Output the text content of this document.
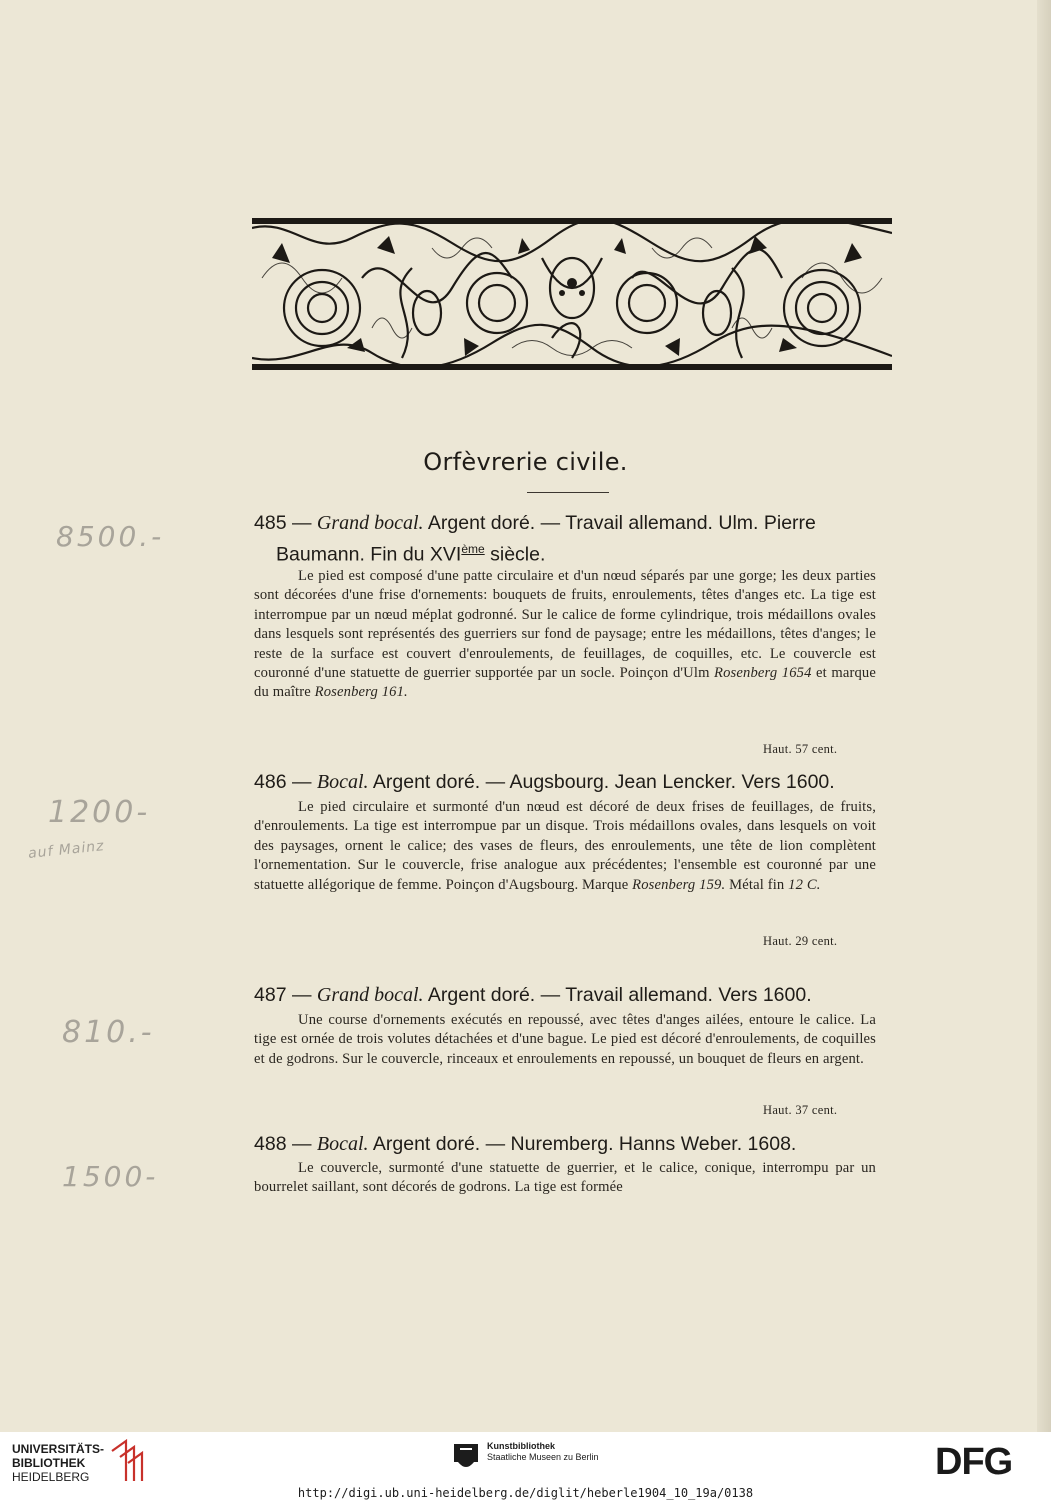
Orfèvrerie civile.
485 — Grand bocal. Argent doré. — Travail allemand. Ulm. Pierre
Baumann. Fin du XVIème siècle.
Le pied est composé d'une patte circulaire et d'un nœud séparés par une gorge; les deux parties sont décorées d'une frise d'ornements: bouquets de fruits, enroulements, têtes d'anges etc. La tige est interrompue par un nœud méplat godronné. Sur le calice de forme cylindrique, trois médaillons ovales dans lesquels sont représentés des guerriers sur fond de paysage; entre les médaillons, têtes d'anges; le reste de la surface est couvert d'enroulements, de feuillages, de coquilles, etc. Le couvercle est couronné d'une statuette de guerrier supportée par un socle. Poinçon d'Ulm Rosenberg 1654 et marque du maître Rosenberg 161.
Haut. 57 cent.
486 — Bocal. Argent doré. — Augsbourg. Jean Lencker. Vers 1600.
Le pied circulaire et surmonté d'un nœud est décoré de deux frises de feuillages, de fruits, d'enroulements. La tige est interrompue par un disque. Trois médaillons ovales, dans lesquels on voit des paysages, ornent le calice; des vases de fleurs, des enroulements, une tête de lion complètent l'ornementation. Sur le couvercle, frise analogue aux précédentes; l'ensemble est couronné par une statuette allégorique de femme. Poinçon d'Augsbourg. Marque Rosenberg 159. Métal fin 12 C.
Haut. 29 cent.
487 — Grand bocal. Argent doré. — Travail allemand. Vers 1600.
Une course d'ornements exécutés en repoussé, avec têtes d'anges ailées, entoure le calice. La tige est ornée de trois volutes détachées et d'une bague. Le pied est décoré d'enroulements, de coquilles et de godrons. Sur le couvercle, rinceaux et enroulements en repoussé, un bouquet de fleurs en argent.
Haut. 37 cent.
488 — Bocal. Argent doré. — Nuremberg. Hanns Weber. 1608.
Le couvercle, surmonté d'une statuette de guerrier, et le calice, conique, interrompu par un bourrelet saillant, sont décorés de godrons. La tige est formée
8500.-
1200-
auf Mainz
810.-
1500-
UNIVERSITÄTS-
BIBLIOTHEK
HEIDELBERG
Kunstbibliothek
Staatliche Museen zu Berlin	DFG
http://digi.ub.uni-heidelberg.de/diglit/heberle1904_10_19a/0138
